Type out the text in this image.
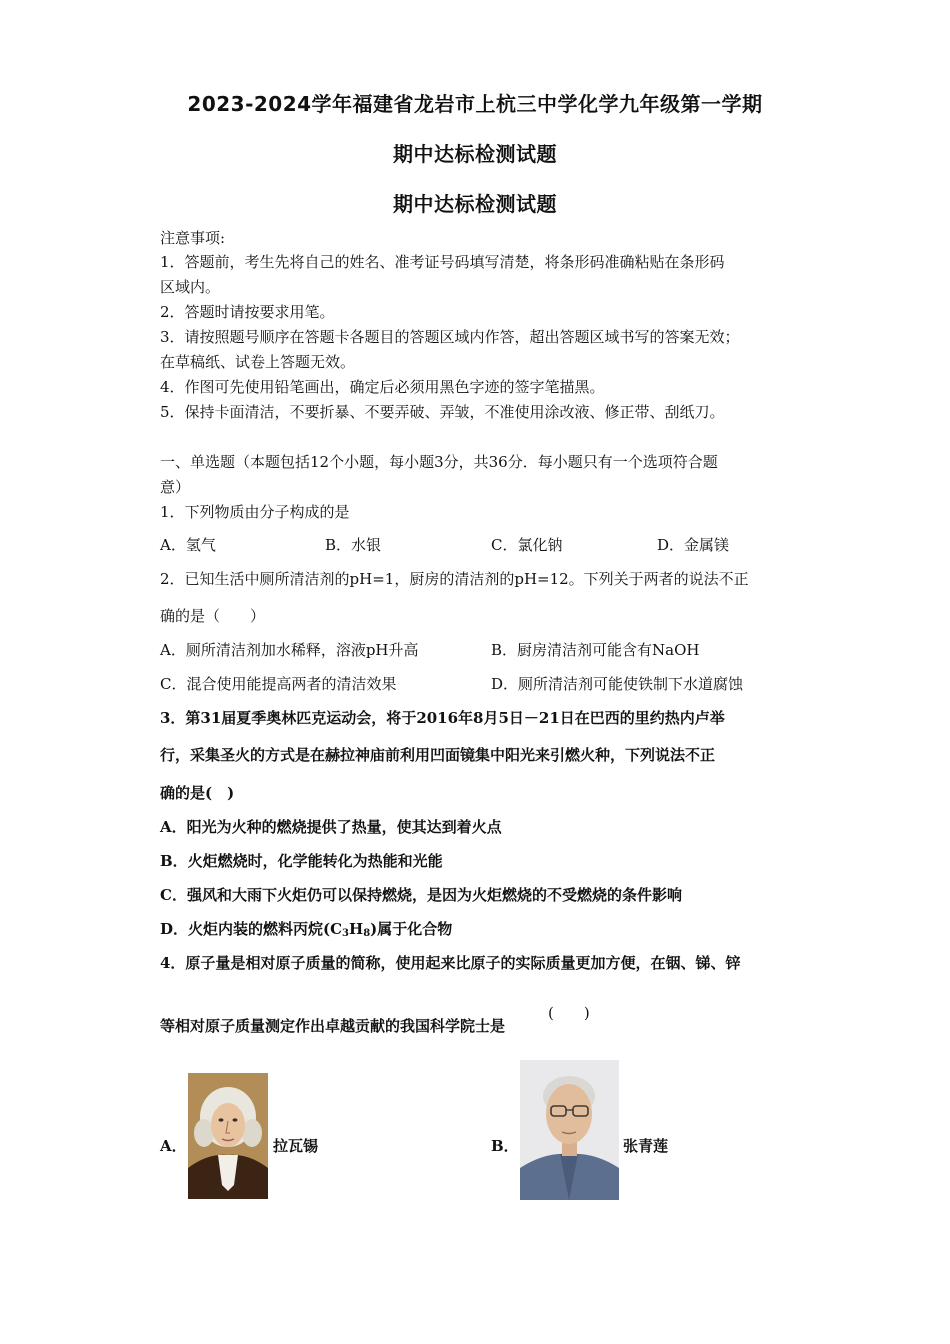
2023-2024学年福建省龙岩市上杭三中学化学九年级第一学期
期中达标检测试题
期中达标检测试题
注意事项:
1．答题前，考生先将自己的姓名、准考证号码填写清楚，将条形码准确粘贴在条形码
区域内。
2．答题时请按要求用笔。
3．请按照题号顺序在答题卡各题目的答题区域内作答，超出答题区域书写的答案无效；
在草稿纸、试卷上答题无效。
4．作图可先使用铅笔画出，确定后必须用黑色字迹的签字笔描黑。
5．保持卡面清洁，不要折暴、不要弄破、弄皱，不准使用涂改液、修正带、刮纸刀。
一、单选题（本题包括12个小题，每小题3分，共36分．每小题只有一个选项符合题
意）
1．下列物质由分子构成的是
A．氢气	B．水银	C．氯化钠	D．金属镁
2．已知生活中厕所清洁剂的pH=1，厨房的清洁剂的pH=12。下列关于两者的说法不正
确的是（　　）
A．厕所清洁剂加水稀释，溶液pH升高	B．厨房清洁剂可能含有NaOH
C．混合使用能提高两者的清洁效果	D．厕所清洁剂可能使铁制下水道腐蚀
3．第31届夏季奥林匹克运动会，将于2016年8月5日－21日在巴西的里约热内卢举
行，采集圣火的方式是在赫拉神庙前利用凹面镜集中阳光来引燃火种，下列说法不正
确的是(　)
A．阳光为火种的燃烧提供了热量，使其达到着火点
B．火炬燃烧时，化学能转化为热能和光能
C．强风和大雨下火炬仍可以保持燃烧，是因为火炬燃烧的不受燃烧的条件影响
D．火炬内装的燃料丙烷$(C_3H_8)$属于化合物
4．原子量是相对原子质量的简称，使用起来比原子的实际质量更加方便，在铟、锑、锌
等相对原子质量测定作出卓越贡献的我国科学院士是
(　　)
A．	拉瓦锡	B．	张青莲
